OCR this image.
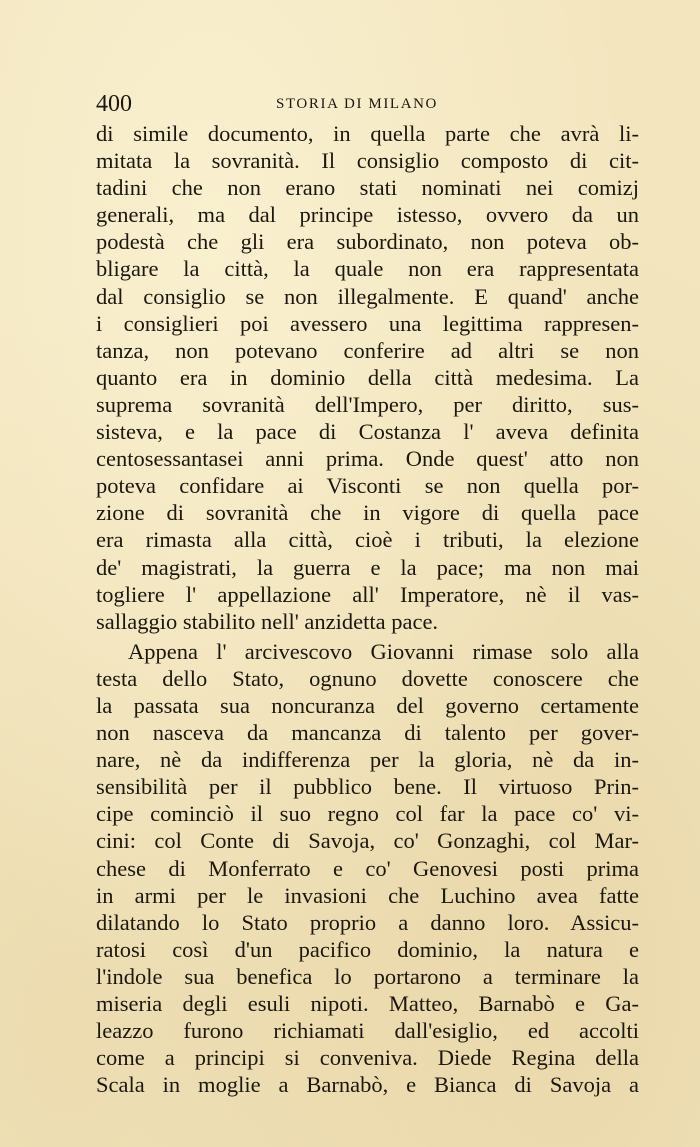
400	STORIA DI MILANO
di simile documento, in quella parte che avrà li-
mitata la sovranità. Il consiglio composto di cit-
tadini che non erano stati nominati nei comizj
generali, ma dal principe istesso, ovvero da un
podestà che gli era subordinato, non poteva ob-
bligare la città, la quale non era rappresentata
dal consiglio se non illegalmente. E quand' anche
i consiglieri poi avessero una legittima rappresen-
tanza, non potevano conferire ad altri se non
quanto era in dominio della città medesima. La
suprema sovranità dell'Impero, per diritto, sus-
sisteva, e la pace di Costanza l' aveva definita
centosessantasei anni prima. Onde quest' atto non
poteva confidare ai Visconti se non quella por-
zione di sovranità che in vigore di quella pace
era rimasta alla città, cioè i tributi, la elezione
de' magistrati, la guerra e la pace; ma non mai
togliere l' appellazione all' Imperatore, nè il vas-
sallaggio stabilito nell' anzidetta pace.
Appena l' arcivescovo Giovanni rimase solo alla
testa dello Stato, ognuno dovette conoscere che
la passata sua noncuranza del governo certamente
non nasceva da mancanza di talento per gover-
nare, nè da indifferenza per la gloria, nè da in-
sensibilità per il pubblico bene. Il virtuoso Prin-
cipe cominciò il suo regno col far la pace co' vi-
cini: col Conte di Savoja, co' Gonzaghi, col Mar-
chese di Monferrato e co' Genovesi posti prima
in armi per le invasioni che Luchino avea fatte
dilatando lo Stato proprio a danno loro. Assicu-
ratosi così d'un pacifico dominio, la natura e
l'indole sua benefica lo portarono a terminare la
miseria degli esuli nipoti. Matteo, Barnabò e Ga-
leazzo furono richiamati dall'esiglio, ed accolti
come a principi si conveniva. Diede Regina della
Scala in moglie a Barnabò, e Bianca di Savoja a
